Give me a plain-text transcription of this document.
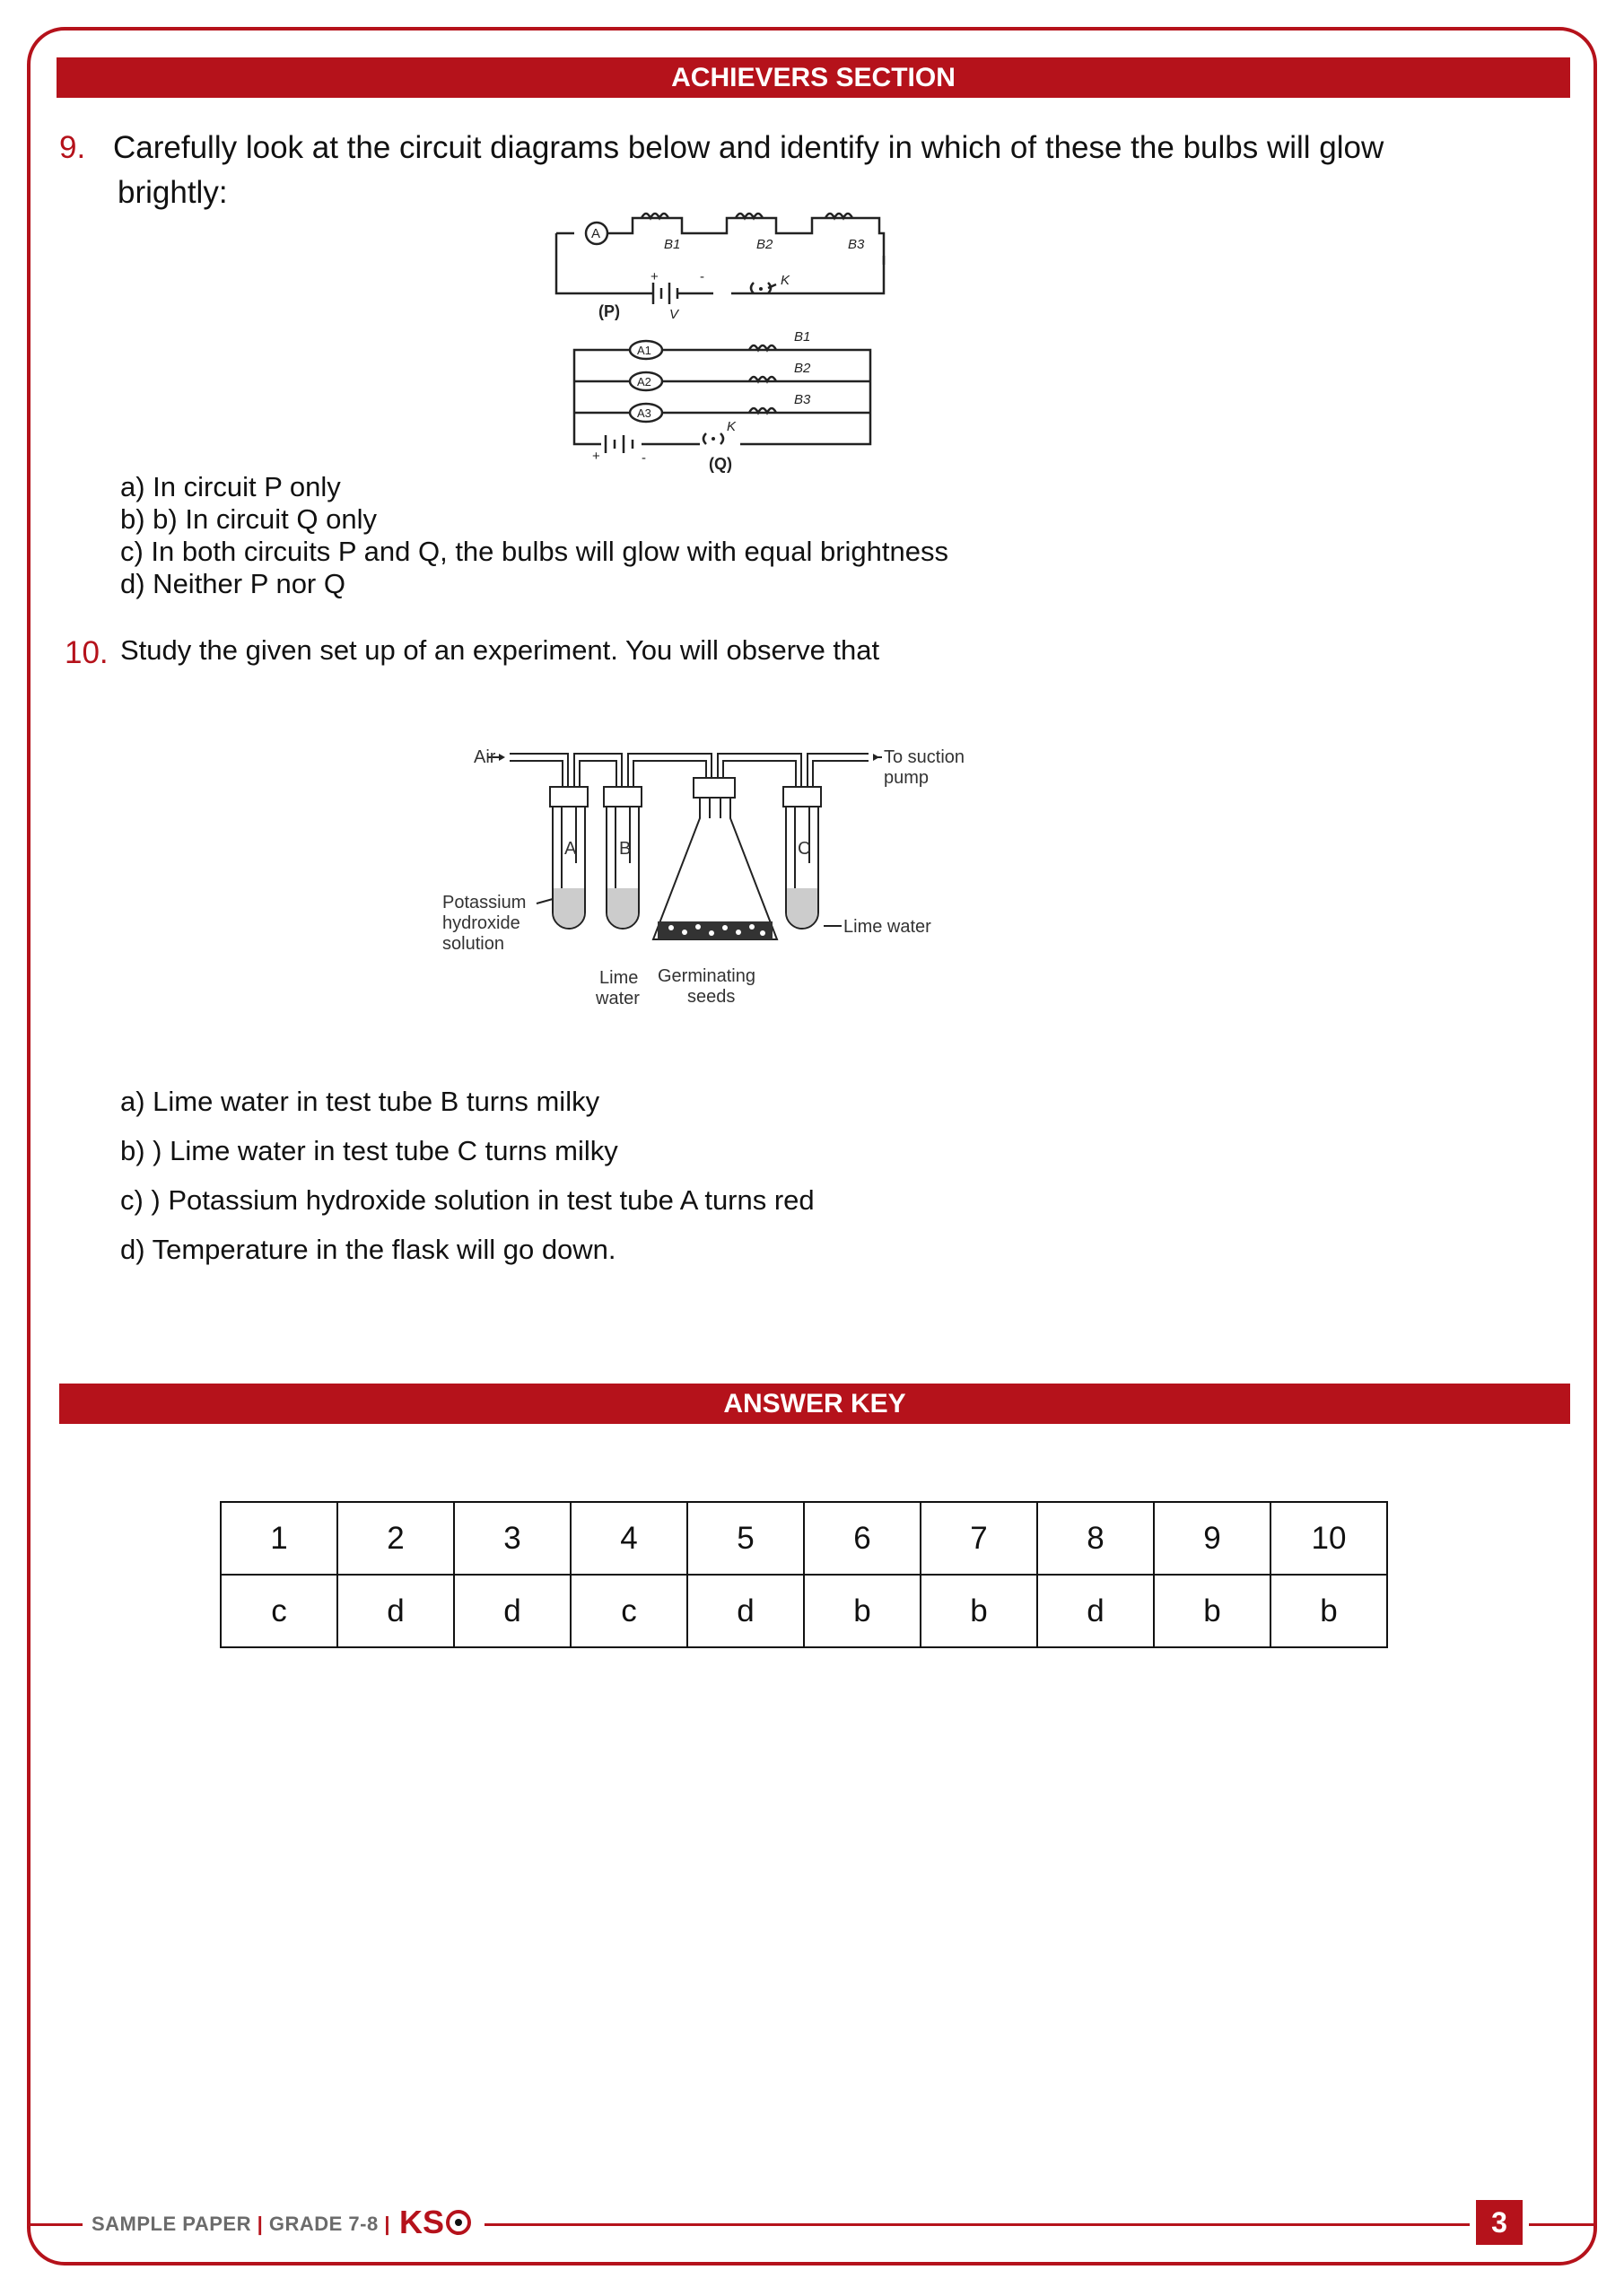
ACHIEVERS SECTION
9. Carefully look at the circuit diagrams below and identify in which of these the bulbs will glow
brightly:
A
B1	B2	B3
+	-	K
(P)	V
A1
A2
A3
B1
B2
B3
+	-
K
(Q)
a) In circuit P only
b) b) In circuit Q only
c) In both circuits P and Q, the bulbs will glow with equal brightness
d) Neither P nor Q
10. Study the given set up of an experiment. You will observe that
Air	To suction
pump
A B	C
Potassium
hydroxide
solution
Lime water
Lime
water
Germinating
seeds
a) Lime water in test tube B turns milky
b) ) Lime water in test tube C turns milky
c) ) Potassium hydroxide solution in test tube A turns red
d) Temperature in the flask will go down.
ANSWER KEY
1	2	3	4	5	6	7	8	9	10
c	d	d	c	d	b	b	d	b	b
SAMPLE PAPER | GRADE 7-8 | KS	3
